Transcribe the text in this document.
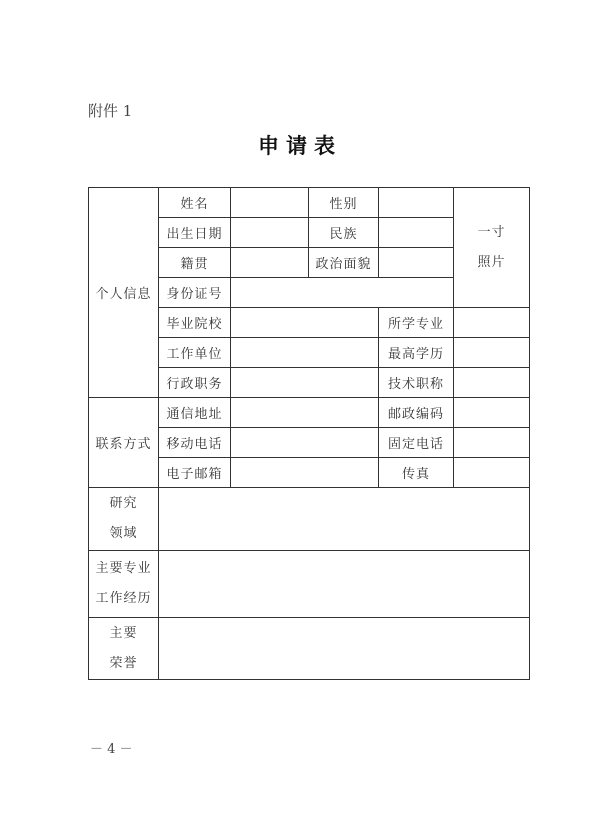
附件 1
申请表
个人信息	姓名		性别		一寸
照片

	出生日期		民族		
	籍贯		政治面貌		
	身份证号				
	毕业院校			所学专业	
	工作单位			最高学历	
	行政职务			技术职称	
联系方式	通信地址			邮政编码	
	移动电话			固定电话	
	电子邮箱			传真	

研究
领域					

主要专业
工作经历					

主要
荣誉					

－ 4 －
